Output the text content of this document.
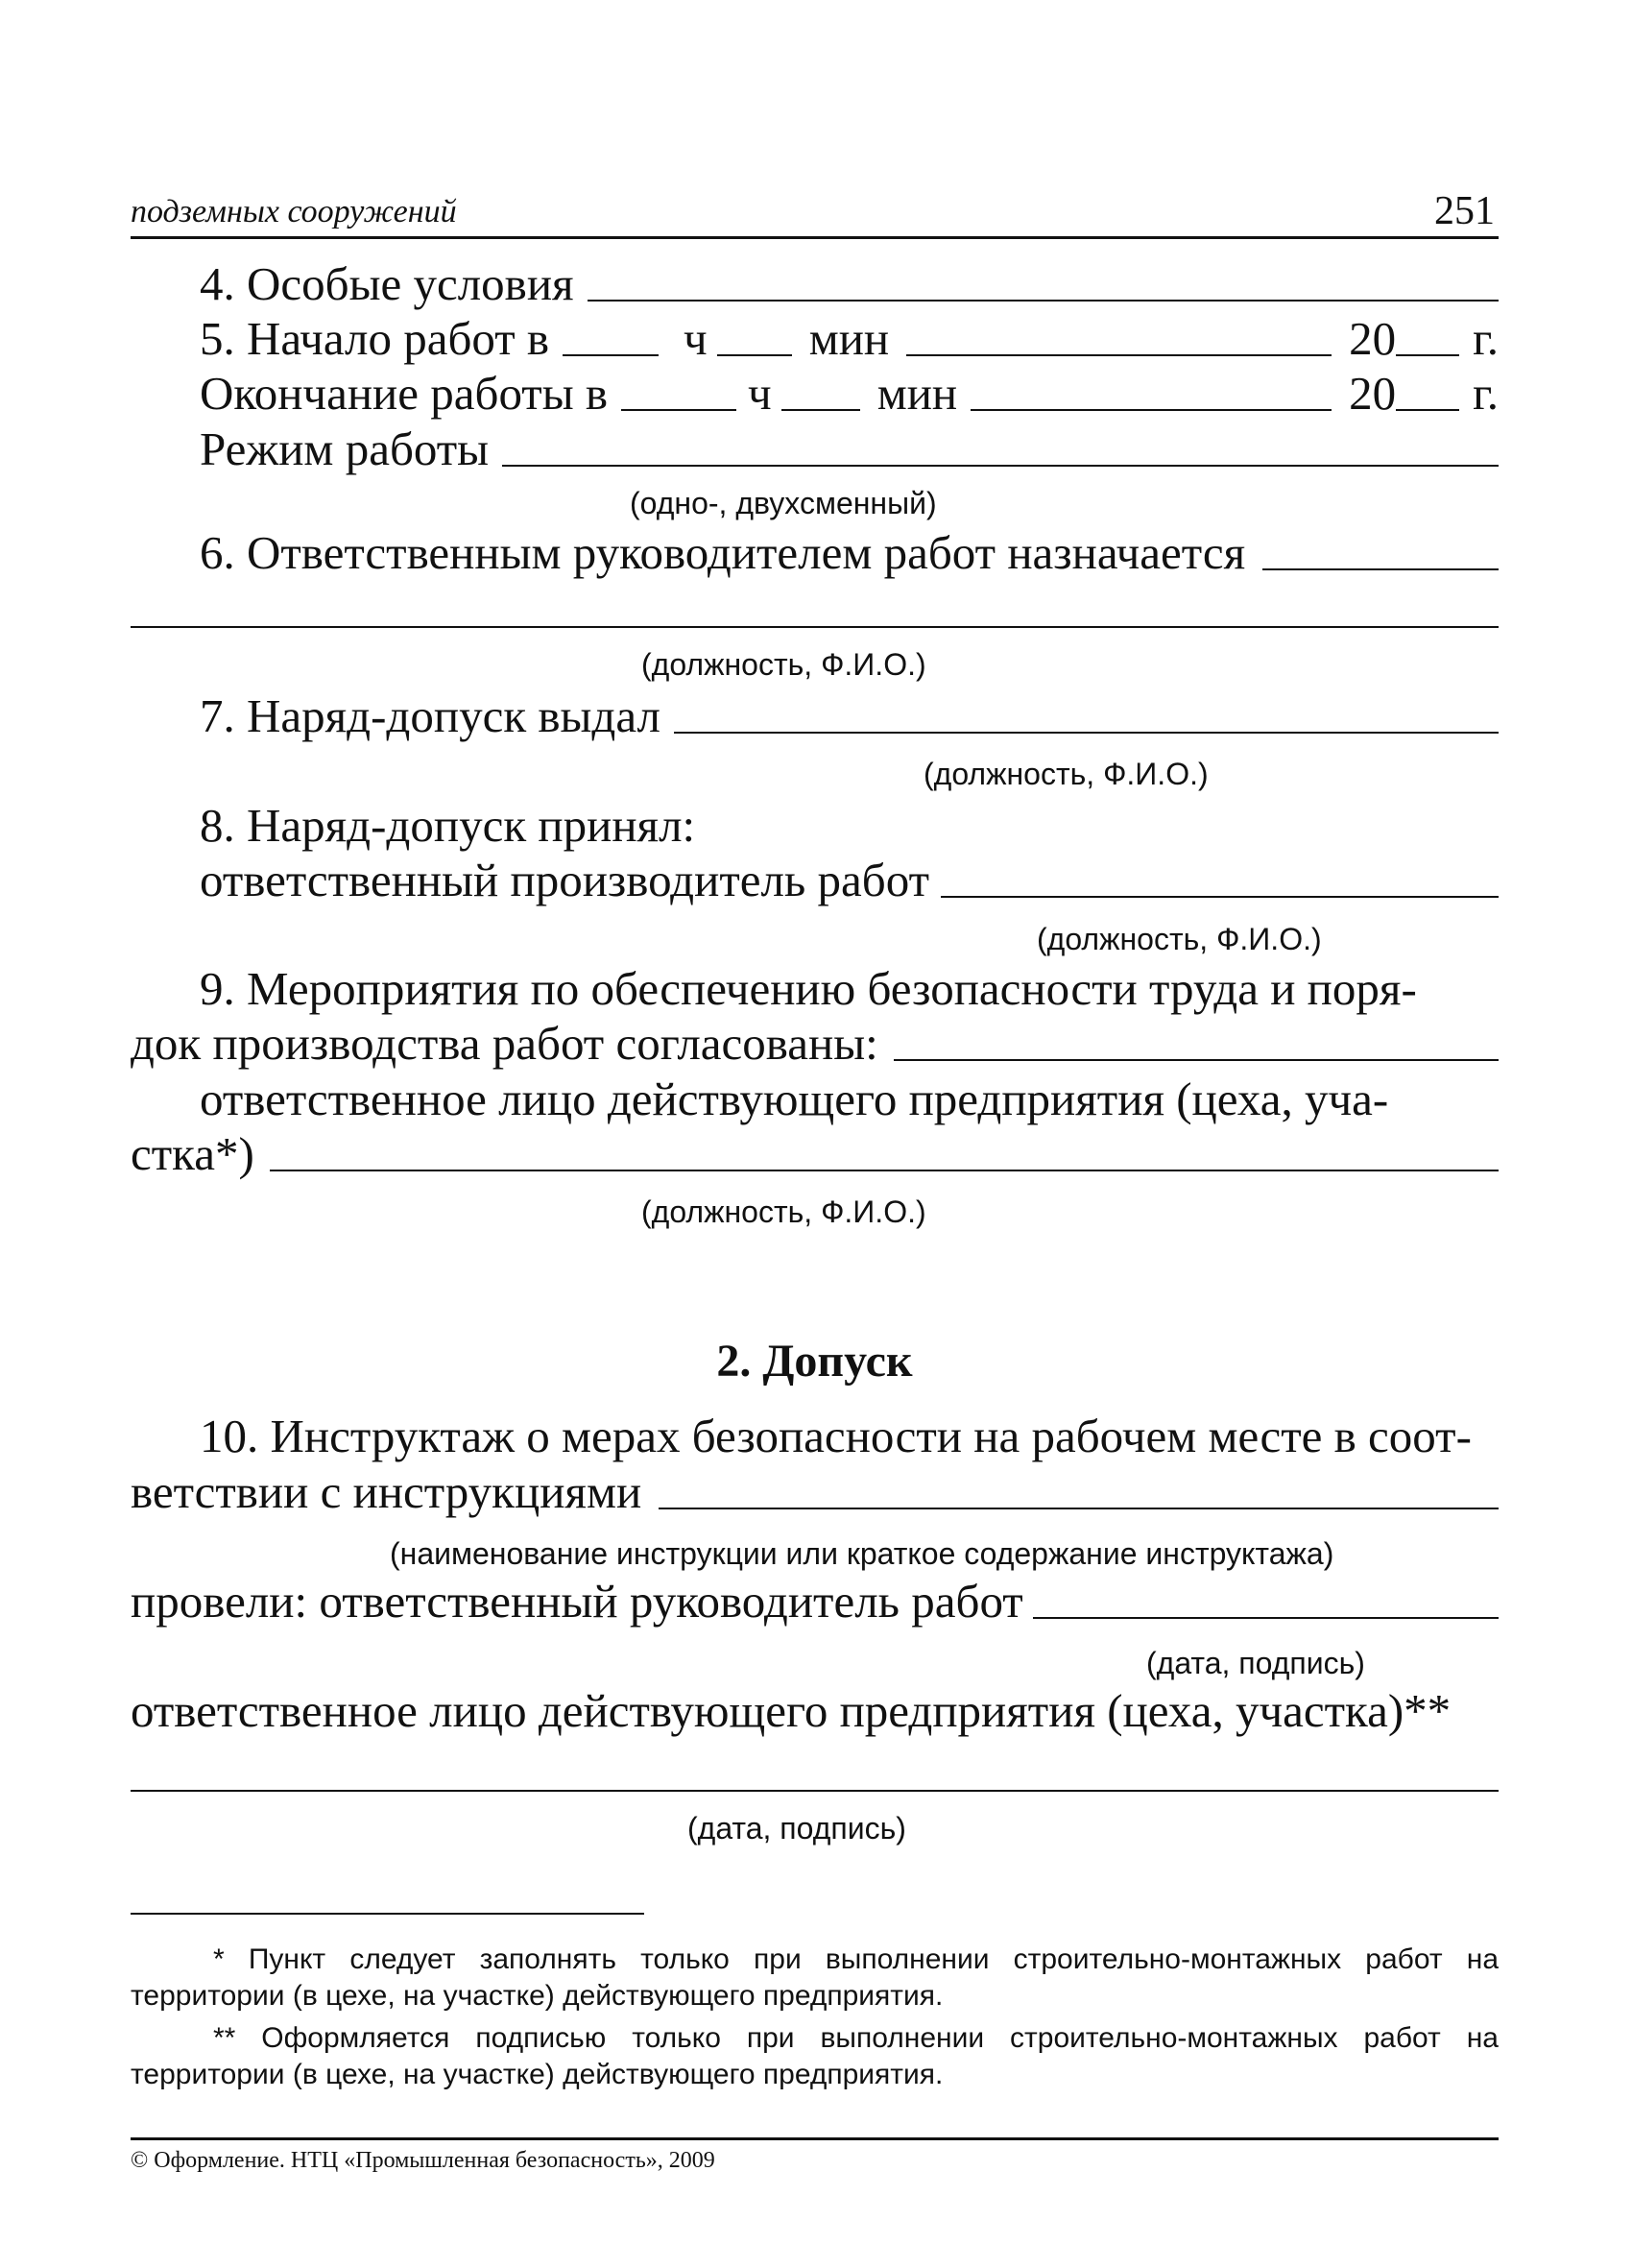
подземных сооружений	251
4. Особые условия
5. Начало работ в	ч мин	20 г.
Окончание работы в	ч мин	20 г.
Режим работы
(одно-, двухсменный)
6. Ответственным руководителем работ назначается
(должность, Ф.И.О.)
7. Наряд-допуск выдал
(должность, Ф.И.О.)
8. Наряд-допуск принял:
ответственный производитель работ
(должность, Ф.И.О.)
9. Мероприятия по обеспечению безопасности труда и поря-
док производства работ согласованы:
ответственное лицо действующего предприятия (цеха, уча-
стка*)
(должность, Ф.И.О.)
2. Допуск
10. Инструктаж о мерах безопасности на рабочем месте в соот-
ветствии с инструкциями
(наименование инструкции или краткое содержание инструктажа)
провели: ответственный руководитель работ
(дата, подпись)
ответственное лицо действующего предприятия (цеха, участка)**
(дата, подпись)
* Пункт следует заполнять только при выполнении строительно-монтажных работ на территории (в цехе, на участке) действующего предприятия.
** Оформляется подписью только при выполнении строительно-монтажных работ на территории (в цехе, на участке) действующего предприятия.
© Оформление. НТЦ «Промышленная безопасность», 2009
